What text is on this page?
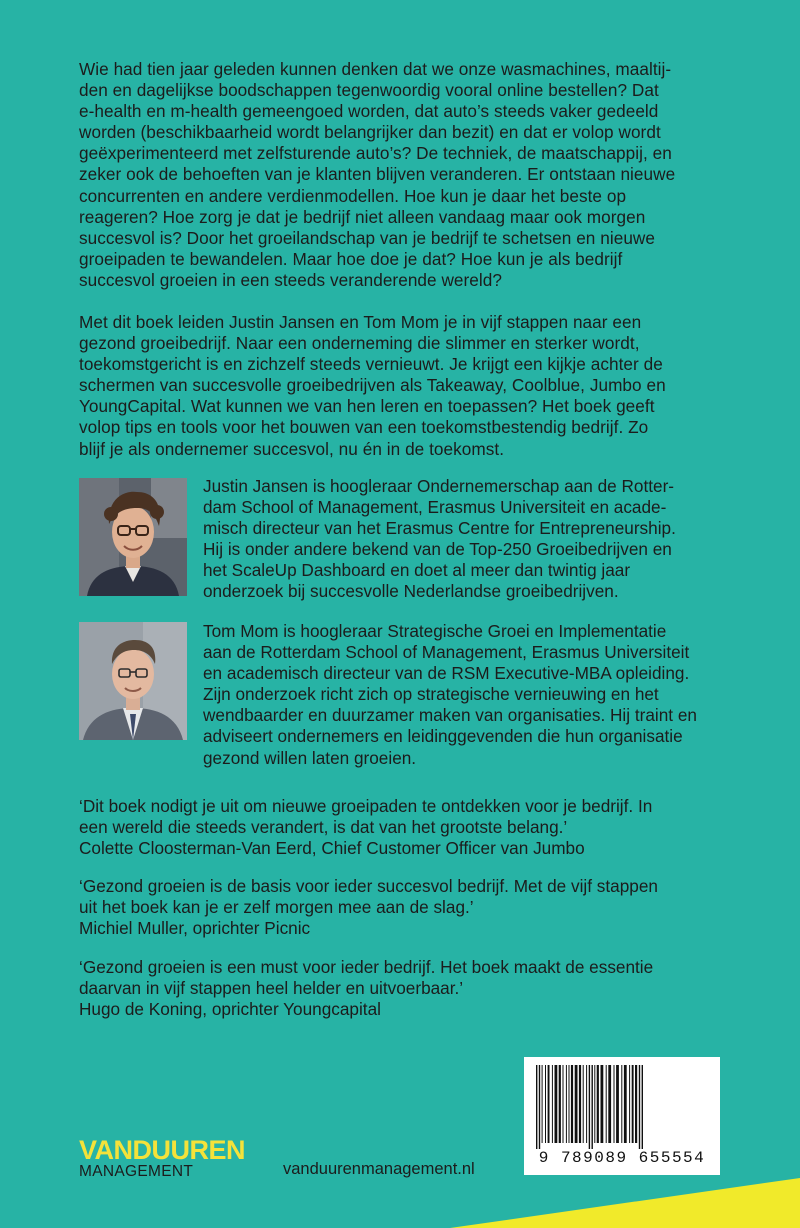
Wie had tien jaar geleden kunnen denken dat we onze wasmachines, maaltij-
den en dagelijkse boodschappen tegenwoordig vooral online bestellen? Dat
e-health en m-health gemeengoed worden, dat auto’s steeds vaker gedeeld
worden (beschikbaarheid wordt belangrijker dan bezit) en dat er volop wordt
geëxperimenteerd met zelfsturende auto’s? De techniek, de maatschappij, en
zeker ook de behoeften van je klanten blijven veranderen. Er ontstaan nieuwe
concurrenten en andere verdienmodellen. Hoe kun je daar het beste op
reageren? Hoe zorg je dat je bedrijf niet alleen vandaag maar ook morgen
succesvol is? Door het groeilandschap van je bedrijf te schetsen en nieuwe
groeipaden te bewandelen. Maar hoe doe je dat? Hoe kun je als bedrijf
succesvol groeien in een steeds veranderende wereld?

Met dit boek leiden Justin Jansen en Tom Mom je in vijf stappen naar een
gezond groeibedrijf. Naar een onderneming die slimmer en sterker wordt,
toekomstgericht is en zichzelf steeds vernieuwt. Je krijgt een kijkje achter de
schermen van succesvolle groeibedrijven als Takeaway, Coolblue, Jumbo en
YoungCapital. Wat kunnen we van hen leren en toepassen? Het boek geeft
volop tips en tools voor het bouwen van een toekomstbestendig bedrijf. Zo
blijf je als ondernemer succesvol, nu én in de toekomst.

Justin Jansen is hoogleraar Ondernemerschap aan de Rotter-
dam School of Management, Erasmus Universiteit en acade-
misch directeur van het Erasmus Centre for Entrepreneurship.
Hij is onder andere bekend van de Top-250 Groeibedrijven en
het ScaleUp Dashboard en doet al meer dan twintig jaar
onderzoek bij succesvolle Nederlandse groeibedrijven.

Tom Mom is hoogleraar Strategische Groei en Implementatie
aan de Rotterdam School of Management, Erasmus Universiteit
en academisch directeur van de RSM Executive-MBA opleiding.
Zijn onderzoek richt zich op strategische vernieuwing en het
wendbaarder en duurzamer maken van organisaties. Hij traint en
adviseert ondernemers en leidinggevenden die hun organisatie
gezond willen laten groeien.

‘Dit boek nodigt je uit om nieuwe groeipaden te ontdekken voor je bedrijf. In
een wereld die steeds verandert, is dat van het grootste belang.’
Colette Cloosterman-Van Eerd, Chief Customer Officer van Jumbo
‘Gezond groeien is de basis voor ieder succesvol bedrijf. Met de vijf stappen
uit het boek kan je er zelf morgen mee aan de slag.’
Michiel Muller, oprichter Picnic
‘Gezond groeien is een must voor ieder bedrijf. Het boek maakt de essentie
daarvan in vijf stappen heel helder en uitvoerbaar.’
Hugo de Koning, oprichter Youngcapital
9 789089 655554
VANDUUREN
MANAGEMENT	vanduurenmanagement.nl
